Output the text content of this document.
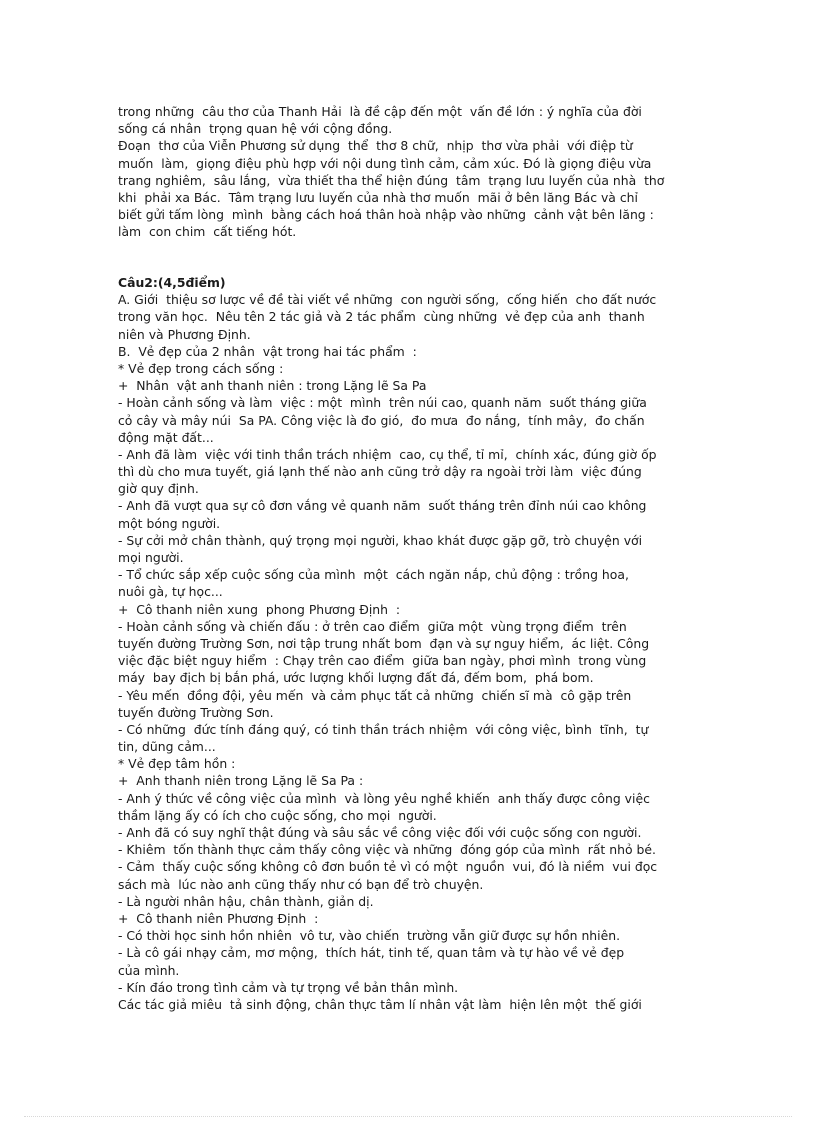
trong những  câu thơ của Thanh Hải  là đề cập đến một  vấn đề lớn : ý nghĩa của đời
sống cá nhân  trọng quan hệ với cộng đồng.
Đoạn  thơ của Viễn Phương sử dụng  thể  thơ 8 chữ,  nhịp  thơ vừa phải  với điệp từ
muốn  làm,  giọng điệu phù hợp với nội dung tình cảm, cảm xúc. Đó là giọng điệu vừa
trang nghiêm,  sâu lắng,  vừa thiết tha thể hiện đúng  tâm  trạng lưu luyến của nhà  thơ
khi  phải xa Bác.  Tâm trạng lưu luyến của nhà thơ muốn  mãi ở bên lăng Bác và chỉ
biết gửi tấm lòng  mình  bằng cách hoá thân hoà nhập vào những  cảnh vật bên lăng :
làm  con chim  cất tiếng hót.
Câu2:(4,5điểm)
A. Giới  thiệu sơ lược về đề tài viết về những  con người sống,  cống hiến  cho đất nước
trong văn học.  Nêu tên 2 tác giả và 2 tác phẩm  cùng những  vẻ đẹp của anh  thanh
niên và Phương Định.
B.  Vẻ đẹp của 2 nhân  vật trong hai tác phẩm  :
* Vẻ đẹp trong cách sống :
+  Nhân  vật anh thanh niên : trong Lặng lẽ Sa Pa
- Hoàn cảnh sống và làm  việc : một  mình  trên núi cao, quanh năm  suốt tháng giữa
cỏ cây và mây núi  Sa PA. Công việc là đo gió,  đo mưa  đo nắng,  tính mây,  đo chấn
động mặt đất...
- Anh đã làm  việc với tinh thần trách nhiệm  cao, cụ thể, tỉ mỉ,  chính xác, đúng giờ ốp
thì dù cho mưa tuyết, giá lạnh thế nào anh cũng trở dậy ra ngoài trời làm  việc đúng
giờ quy định.
- Anh đã vượt qua sự cô đơn vắng vẻ quanh năm  suốt tháng trên đỉnh núi cao không
một bóng người.
- Sự cởi mở chân thành, quý trọng mọi người, khao khát được gặp gỡ, trò chuyện với
mọi người.
- Tổ chức sắp xếp cuộc sống của mình  một  cách ngăn nắp, chủ động : trồng hoa,
nuôi gà, tự học...
+  Cô thanh niên xung  phong Phương Định  :
- Hoàn cảnh sống và chiến đấu : ở trên cao điểm  giữa một  vùng trọng điểm  trên
tuyến đường Trường Sơn, nơi tập trung nhất bom  đạn và sự nguy hiểm,  ác liệt. Công
việc đặc biệt nguy hiểm  : Chạy trên cao điểm  giữa ban ngày, phơi mình  trong vùng
máy  bay địch bị bắn phá, ước lượng khối lượng đất đá, đếm bom,  phá bom.
- Yêu mến  đồng đội, yêu mến  và cảm phục tất cả những  chiến sĩ mà  cô gặp trên
tuyến đường Trường Sơn.
- Có những  đức tính đáng quý, có tinh thần trách nhiệm  với công việc, bình  tĩnh,  tự
tin, dũng cảm...
* Vẻ đẹp tâm hồn :
+  Anh thanh niên trong Lặng lẽ Sa Pa :
- Anh ý thức về công việc của mình  và lòng yêu nghề khiến  anh thấy được công việc
thầm lặng ấy có ích cho cuộc sống, cho mọi  người.
- Anh đã có suy nghĩ thật đúng và sâu sắc về công việc đối với cuộc sống con người.
- Khiêm  tốn thành thực cảm thấy công việc và những  đóng góp của mình  rất nhỏ bé.
- Cảm  thấy cuộc sống không cô đơn buồn tẻ vì có một  nguồn  vui, đó là niềm  vui đọc
sách mà  lúc nào anh cũng thấy như có bạn để trò chuyện.
- Là người nhân hậu, chân thành, giản dị.
+  Cô thanh niên Phương Định  :
- Có thời học sinh hồn nhiên  vô tư, vào chiến  trường vẫn giữ được sự hồn nhiên.
- Là cô gái nhạy cảm, mơ mộng,  thích hát, tinh tế, quan tâm và tự hào về vẻ đẹp
của mình.
- Kín đáo trong tình cảm và tự trọng về bản thân mình.
Các tác giả miêu  tả sinh động, chân thực tâm lí nhân vật làm  hiện lên một  thế giới
